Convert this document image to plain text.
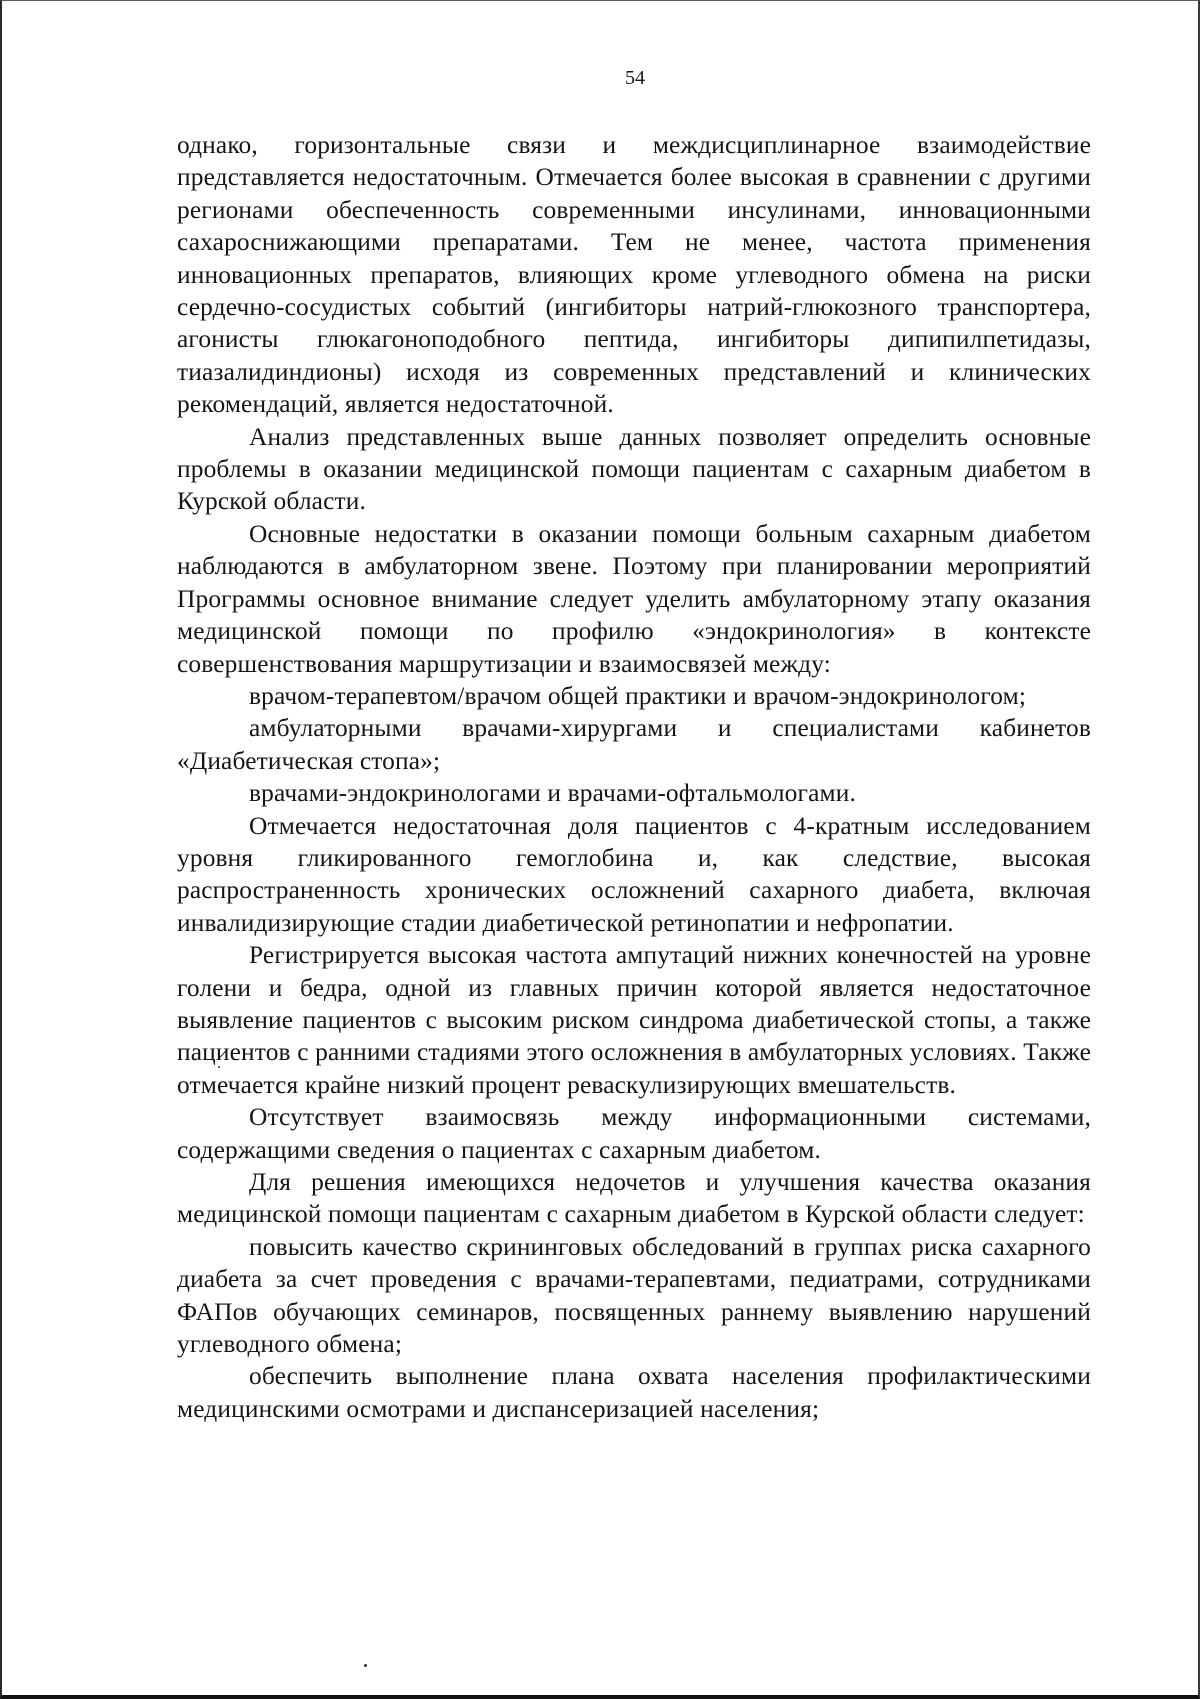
54

однако, горизонтальные связи и междисциплинарное взаимодействие представляется недостаточным. Отмечается более высокая в сравнении с другими регионами обеспеченность современными инсулинами, инновационными сахароснижающими препаратами. Тем не менее, частота применения инновационных препаратов, влияющих кроме углеводного обмена на риски сердечно-сосудистых событий (ингибиторы натрий-глюкозного транспортера, агонисты глюкагоноподобного пептида, ингибиторы дипипилпетидазы, тиазалидиндионы) исходя из современных представлений и клинических рекомендаций, является недостаточной.

Анализ представленных выше данных позволяет определить основные проблемы в оказании медицинской помощи пациентам с сахарным диабетом в Курской области.

Основные недостатки в оказании помощи больным сахарным диабетом наблюдаются в амбулаторном звене. Поэтому при планировании мероприятий Программы основное внимание следует уделить амбулаторному этапу оказания медицинской помощи по профилю «эндокринология» в контексте совершенствования маршрутизации и взаимосвязей между:

врачом-терапевтом/врачом общей практики и врачом-эндокринологом;

амбулаторными врачами-хирургами и специалистами кабинетов «Диабетическая стопа»;

врачами-эндокринологами и врачами-офтальмологами.

Отмечается недостаточная доля пациентов с 4-кратным исследованием уровня гликированного гемоглобина и, как следствие, высокая распространенность хронических осложнений сахарного диабета, включая инвалидизирующие стадии диабетической ретинопатии и нефропатии.

Регистрируется высокая частота ампутаций нижних конечностей на уровне голени и бедра, одной из главных причин которой является недостаточное выявление пациентов с высоким риском синдрома диабетической стопы, а также пациентов с ранними стадиями этого осложнения в амбулаторных условиях. Также отмечается крайне низкий процент реваскулизирующих вмешательств.

Отсутствует взаимосвязь между информационными системами, содержащими сведения о пациентах с сахарным диабетом.

Для решения имеющихся недочетов и улучшения качества оказания медицинской помощи пациентам с сахарным диабетом в Курской области следует:

повысить качество скрининговых обследований в группах риска сахарного диабета за счет проведения с врачами-терапевтами, педиатрами, сотрудниками ФАПов обучающих семинаров, посвященных раннему выявлению нарушений углеводного обмена;

обеспечить выполнение плана охвата населения профилактическими медицинскими осмотрами и диспансеризацией населения;
